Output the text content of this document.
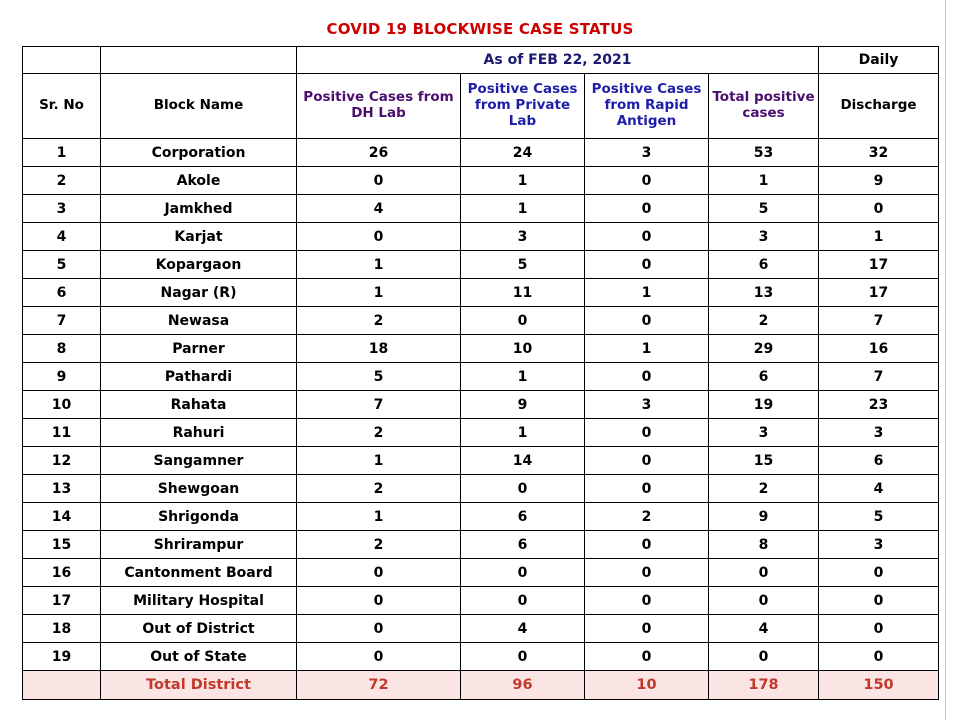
COVID 19 BLOCKWISE CASE STATUS
		As of FEB 22, 2021				Daily
Sr. No	Block Name	Positive Cases from DH Lab	Positive Cases from Private Lab	Positive Cases from Rapid Antigen	Total positive cases	Discharge
1	Corporation	26	24	3	53	32
2	Akole	0	1	0	1	9
3	Jamkhed	4	1	0	5	0
4	Karjat	0	3	0	3	1
5	Kopargaon	1	5	0	6	17
6	Nagar (R)	1	11	1	13	17
7	Newasa	2	0	0	2	7
8	Parner	18	10	1	29	16
9	Pathardi	5	1	0	6	7
10	Rahata	7	9	3	19	23
11	Rahuri	2	1	0	3	3
12	Sangamner	1	14	0	15	6
13	Shewgoan	2	0	0	2	4
14	Shrigonda	1	6	2	9	5
15	Shrirampur	2	6	0	8	3
16	Cantonment Board	0	0	0	0	0
17	Military Hospital	0	0	0	0	0
18	Out of District	0	4	0	4	0
19	Out of State	0	0	0	0	0
	Total District	72	96	10	178	150
